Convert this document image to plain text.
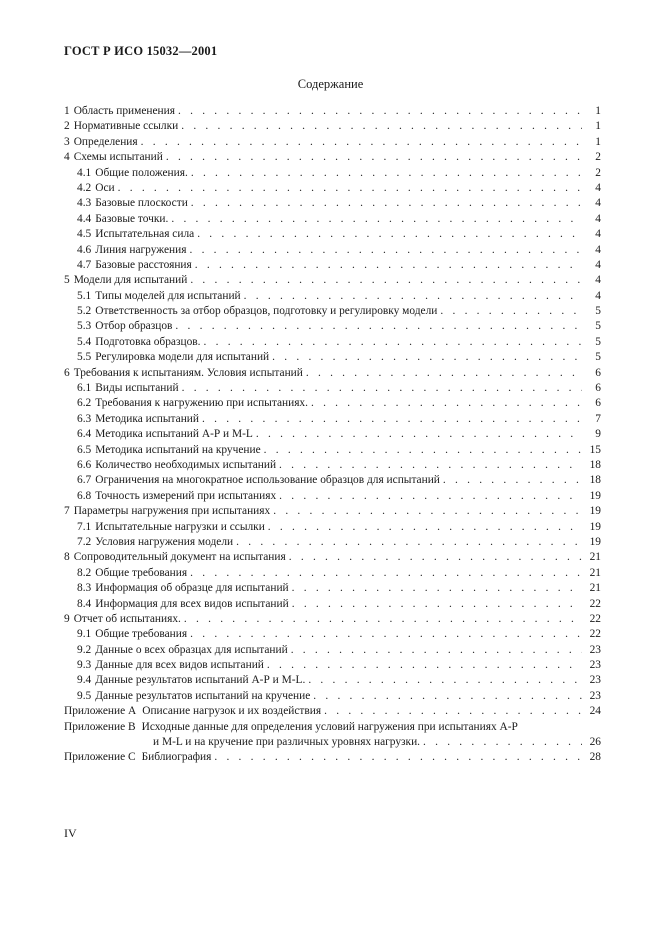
ГОСТ Р ИСО 15032—2001
Содержание
1 Область применения . . .	1
2 Нормативные ссылки . . .	1
3 Определения . . .	1
4 Схемы испытаний . . .	2
4.1 Общие положения. . . .	2
4.2 Оси . . .	4
4.3 Базовые плоскости . . .	4
4.4 Базовые точки. . . .	4
4.5 Испытательная сила . . .	4
4.6 Линия нагружения . . .	4
4.7 Базовые расстояния . . .	4
5 Модели для испытаний . . .	4
5.1 Типы моделей для испытаний . . .	4
5.2 Ответственность за отбор образцов, подготовку и регулировку модели . . .	5
5.3 Отбор образцов . . .	5
5.4 Подготовка образцов. . . .	5
5.5 Регулировка модели для испытаний . . .	5
6 Требования к испытаниям. Условия испытаний . . .	6
6.1 Виды испытаний . . .	6
6.2 Требования к нагружению при испытаниях. . . .	6
6.3 Методика испытаний . . .	7
6.4 Методика испытаний А-Р и М-L . . .	9
6.5 Методика испытаний на кручение . . .	15
6.6 Количество необходимых испытаний . . .	18
6.7 Ограничения на многократное использование образцов для испытаний . . .	18
6.8 Точность измерений при испытаниях . . .	19
7 Параметры нагружения при испытаниях . . .	19
7.1 Испытательные нагрузки и ссылки . . .	19
7.2 Условия нагружения модели . . .	19
8 Сопроводительный документ на испытания . . .	21
8.2 Общие требования . . .	21
8.3 Информация об образце для испытаний . . .	21
8.4 Информация для всех видов испытаний . . .	22
9 Отчет об испытаниях. . . .	22
9.1 Общие требования . . .	22
9.2 Данные о всех образцах для испытаний . . .	23
9.3 Данные для всех видов испытаний . . .	23
9.4 Данные результатов испытаний А-Р и М-L. . . .	23
9.5 Данные результатов испытаний на кручение . . .	23
Приложение А Описание нагрузок и их воздействия . . .	24
Приложение В Исходные данные для определения условий нагружения при испытаниях А-Р
и М-L и на кручение при различных уровнях нагрузки. . . .	26
Приложение С Библиография . . .	28
IV
